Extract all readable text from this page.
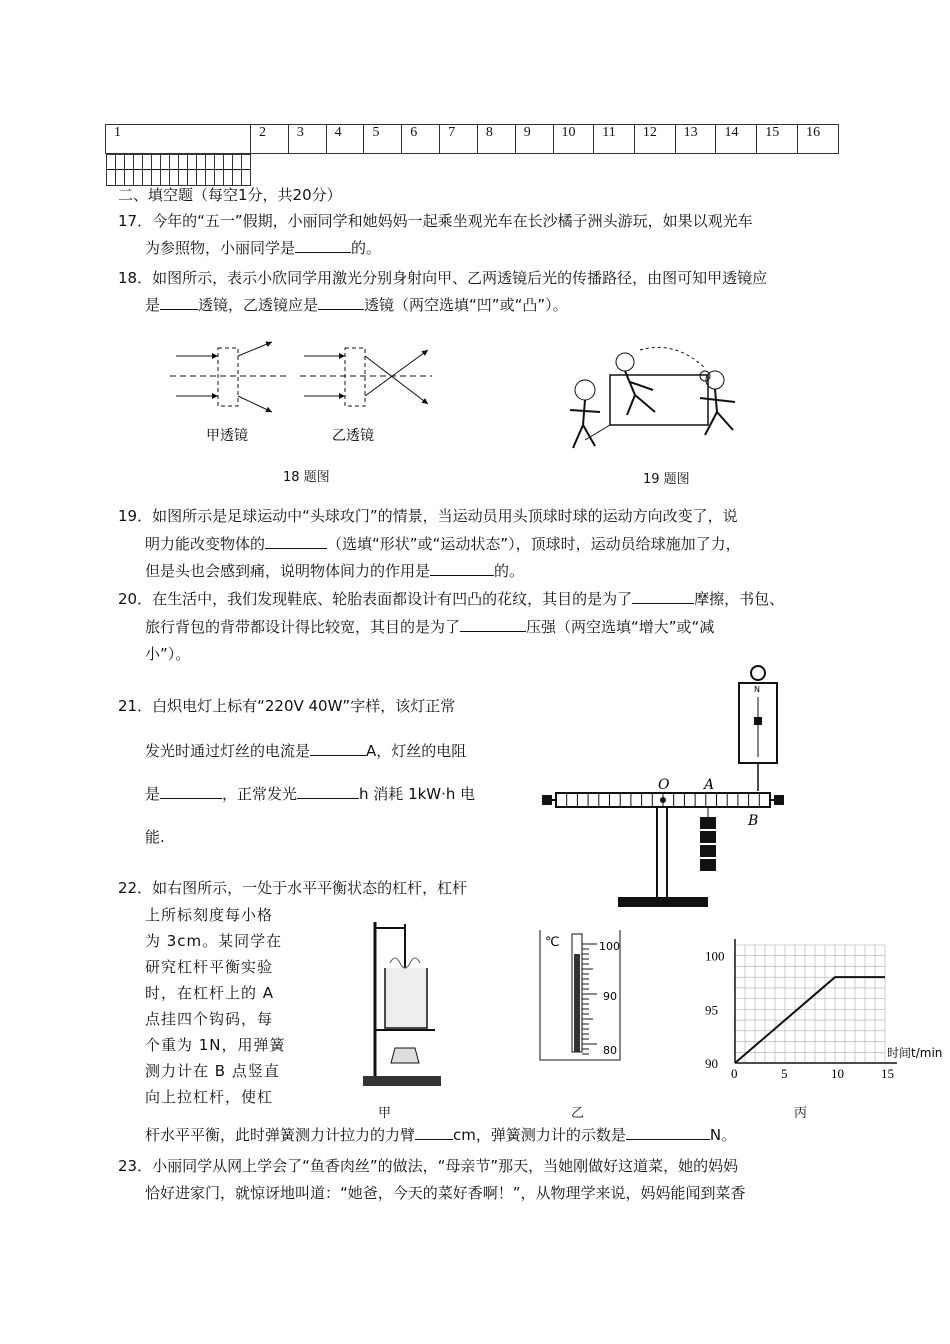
1	2	3	4	5	6	7	8	9	10	11	12	13	14	15	16

二、填空题（每空1分，共20分）
17．今年的“五一”假期，小丽同学和她妈妈一起乘坐观光车在长沙橘子洲头游玩，如果以观光车
为参照物，小丽同学是	的。
18．如图所示，表示小欣同学用激光分别身射向甲、乙两透镜后光的传播路径，由图可知甲透镜应
是	透镜，乙透镜应是	透镜（两空选填“凹”或“凸”）。
甲透镜	乙透镜
18 题图	19 题图
19．如图所示是足球运动中“头球攻门”的情景，当运动员用头顶球时球的运动方向改变了，说
明力能改变物体的	（选填“形状”或“运动状态”），顶球时，运动员给球施加了力，
但是头也会感到痛，说明物体间力的作用是	的。
20．在生活中，我们发现鞋底、轮胎表面都设计有凹凸的花纹，其目的是为了	摩擦，书包、
旅行背包的背带都设计得比较宽，其目的是为了	压强（两空选填“增大”或“减
小”）。
21．白炽电灯上标有“220V 40W”字样，该灯正常
发光时通过灯丝的电流是	A，灯丝的电阻
是	，正常发光	h 消耗 1kW·h 电
能.
N
O A
B
22．如右图所示，一处于水平平衡状态的杠杆，杠杆
上所标刻度每小格
为 3cm。某同学在
研究杠杆平衡实验
时，在杠杆上的 A
点挂四个钩码，每
个重为 1N，用弹簧
测力计在 B 点竖直
向上拉杠杆，使杠
杆水平平衡，此时弹簧测力计拉力的力臂	cm，弹簧测力计的示数是	N。
甲
℃	100
90
80
乙
0	5	10	15
90
95
100
时间t/min
丙
23．小丽同学从网上学会了“鱼香肉丝”的做法，“母亲节”那天，当她刚做好这道菜，她的妈妈
恰好进家门，就惊讶地叫道：“她爸，今天的菜好香啊！”，从物理学来说，妈妈能闻到菜香
